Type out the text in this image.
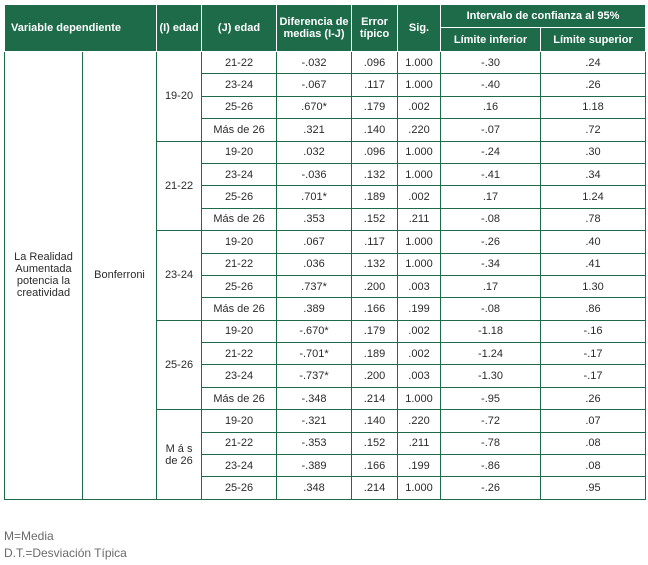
Variable dependiente		(I) edad	(J) edad	Diferencia de medias (I-J)	Error típico	Sig.	Intervalo de confianza al 95%	
							Límite inferior	Límite superior
La Realidad Aumentada potencia la creatividad	Bonferroni	19-20	21-22	-.032	.096	1.000	-.30	.24
			23-24	-.067	.117	1.000	-.40	.26
			25-26	.670*	.179	.002	.16	1.18
			Más de 26	.321	.140	.220	-.07	.72
		21-22	19-20	.032	.096	1.000	-.24	.30
			23-24	-.036	.132	1.000	-.41	.34
			25-26	.701*	.189	.002	.17	1.24
			Más de 26	.353	.152	.211	-.08	.78
		23-24	19-20	.067	.117	1.000	-.26	.40
			21-22	.036	.132	1.000	-.34	.41
			25-26	.737*	.200	.003	.17	1.30
			Más de 26	.389	.166	.199	-.08	.86
		25-26	19-20	-.670*	.179	.002	-1.18	-.16
			21-22	-.701*	.189	.002	-1.24	-.17
			23-24	-.737*	.200	.003	-1.30	-.17
			Más de 26	-.348	.214	1.000	-.95	.26
		M á s de 26	19-20	-.321	.140	.220	-.72	.07
			21-22	-.353	.152	.211	-.78	.08
			23-24	-.389	.166	.199	-.86	.08
			25-26	.348	.214	1.000	-.26	.95
M=Media
D.T.=Desviación Típica
